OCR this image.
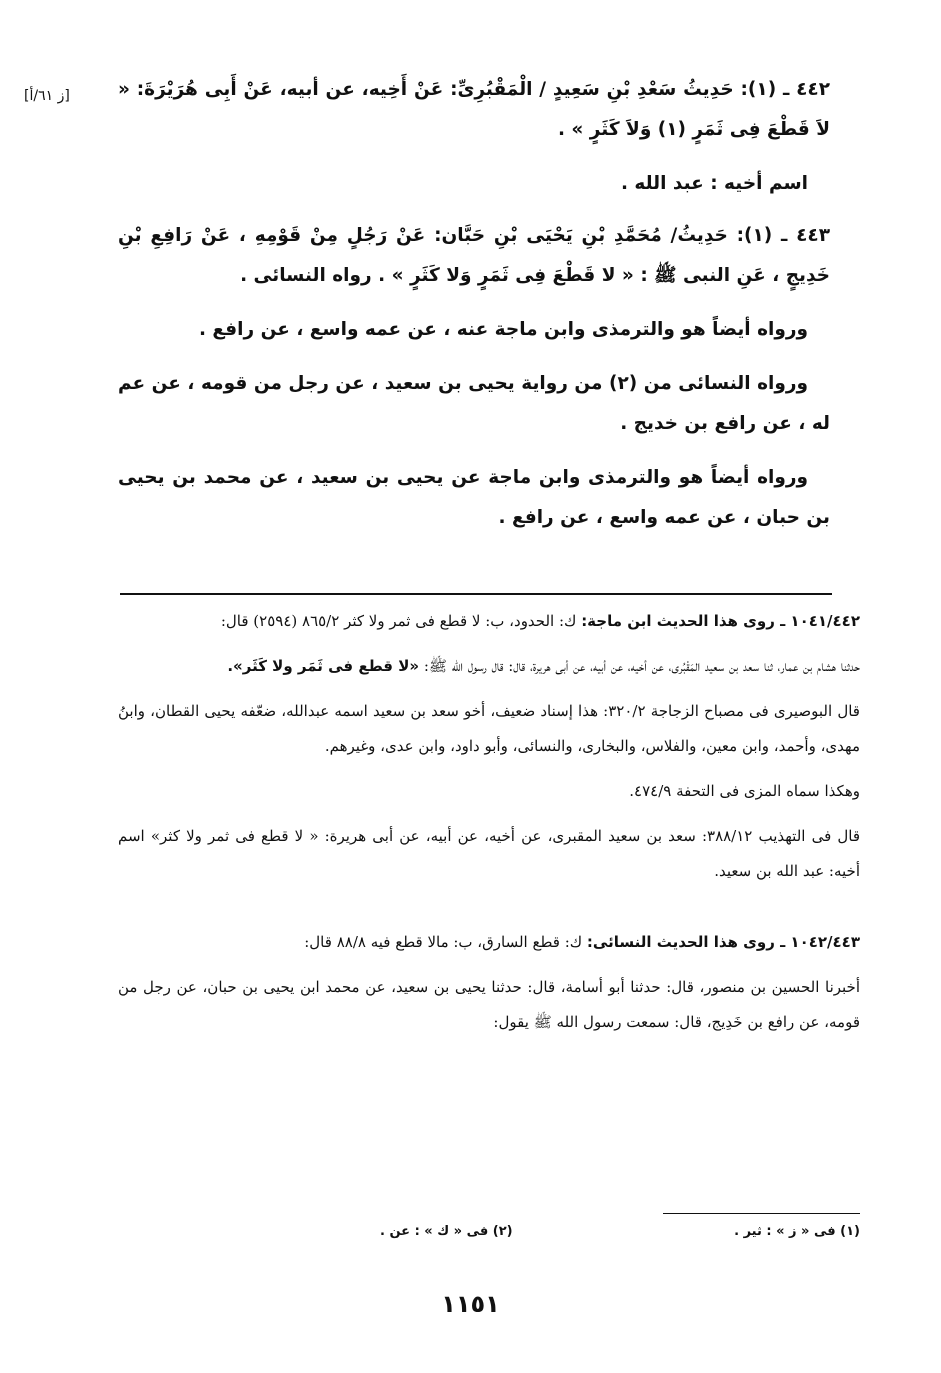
[ز ٦١/أ]	٤٤٢ ـ (١): حَدِيثُ سَعْدِ بْنِ سَعِيدٍ / الْمَقْبُرِىِّ: عَنْ أَخِيه، عن أبيه، عَنْ أَبِى هُرَيْرَةَ: « لاَ قَطْعَ فِى ثَمَرٍ (١) وَلاَ كَثَرٍ » .

اسم أخيه : عبد الله .

٤٤٣ ـ (١): حَدِيثُ/ مُحَمَّدِ بْنِ يَحْيَى بْنِ حَبَّان: عَنْ رَجُلٍ مِنْ قَوْمِهِ ، عَنْ رَافِعِ بْنِ خَدِيجٍ ، عَنِ النبى ﷺ : « لا قَطْعَ فِى ثَمَرٍ وَلا كَثَرٍ » . رواه النسائى .

ورواه أيضاً هو والترمذى وابن ماجة عنه ، عن عمه واسع ، عن رافع .

ورواه النسائى من (٢) من رواية يحيى بن سعيد ، عن رجل من قومه ، عن عم له ، عن رافع بن خديج .

ورواه أيضاً هو والترمذى وابن ماجة عن يحيى بن سعيد ، عن محمد بن يحيى بن حبان ، عن عمه واسع ، عن رافع .

١٠٤١/٤٤٢ ـ روى هذا الحديث ابن ماجة: ك: الحدود، ب: لا قطع فى ثمر ولا كثر ٨٦٥/٢ (٢٥٩٤) قال:

حدثنا هشام بن عمار، ثنا سعد بن سعيد المَقْبُرى، عن أخيه، عن أبيه، عن أبى هريرة، قال: قال رسول الله ﷺ: «لا قطع فى ثَمَر ولا كَثَر».

قال البوصيرى فى مصباح الزجاجة ٣٢٠/٢: هذا إسناد ضعيف، أخو سعد بن سعيد اسمه عبدالله، ضعّفه يحيى القطان، وابنُ مهدى، وأحمد، وابن معين، والفلاس، والبخارى، والنسائى، وأبو داود، وابن عدى، وغيرهم.

وهكذا سماه المزى فى التحفة ٤٧٤/٩.

قال فى التهذيب ٣٨٨/١٢: سعد بن سعيد المقبرى، عن أخيه، عن أبيه، عن أبى هريرة: « لا قطع فى ثمر ولا كثر» اسم أخيه: عبد الله بن سعيد.

١٠٤٢/٤٤٣ ـ روى هذا الحديث النسائى: ك: قطع السارق، ب: مالا قطع فيه ٨٨/٨ قال:

أخبرنا الحسين بن منصور، قال: حدثنا أبو أسامة، قال: حدثنا يحيى بن سعيد، عن محمد ابن يحيى بن حبان، عن رجل من قومه، عن رافع بن خَدِيج، قال: سمعت رسول الله ﷺ يقول:

(١) فى « ز » : ثير .
(٢) فى « ك » : عن .
١١٥١
